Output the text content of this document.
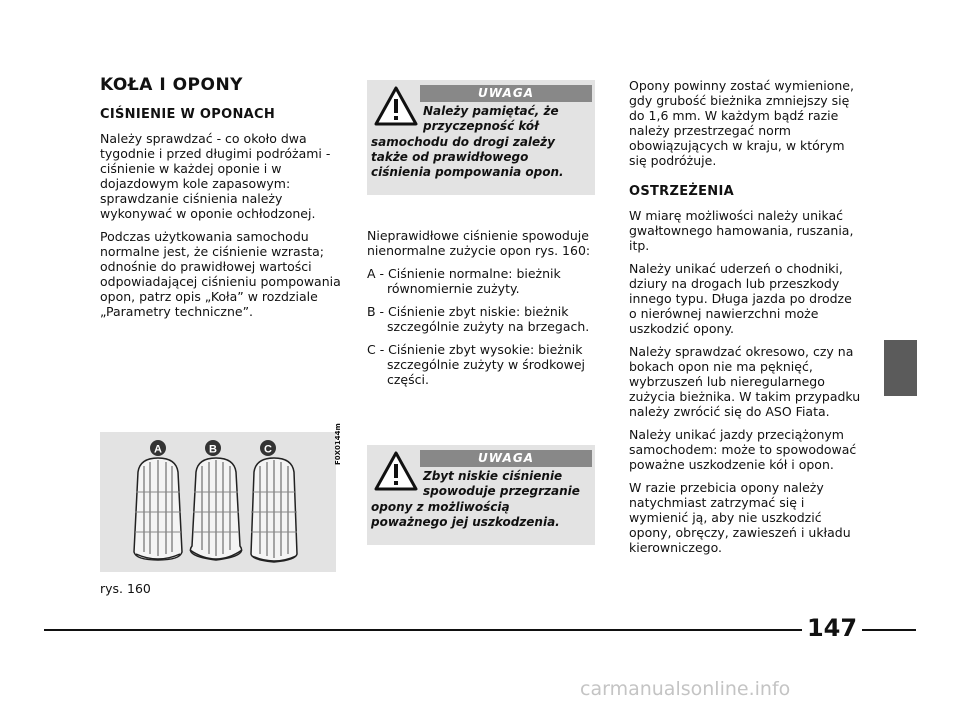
KOŁA I OPONY
CIŚNIENIE W OPONACH

Należy sprawdzać - co około dwa tygodnie i przed długimi podróżami - ciśnienie w każdej oponie i w dojazdowym kole zapasowym: sprawdzanie ciśnienia należy wykonywać w oponie ochłodzonej.

Podczas użytkowania samochodu normalne jest, że ciśnienie wzrasta; odnośnie do prawidłowej wartości odpowiadającej ciśnieniu pompowania opon, patrz opis „Koła” w rozdziale „Parametry techniczne”.

UWAGA
Należy pamiętać, że przyczepność kół
samochodu do drogi zależy także od prawidłowego ciśnienia pompowania opon.

Nieprawidłowe ciśnienie spowoduje nienormalne zużycie opon rys. 160:

A - Ciśnienie normalne: bieżnik równomiernie zużyty.

B - Ciśnienie zbyt niskie: bieżnik szczególnie zużyty na brzegach.

C - Ciśnienie zbyt wysokie: bieżnik szczególnie zużyty w środkowej części.

UWAGA
Zbyt niskie ciśnienie spowoduje przegrzanie
opony z możliwością poważnego jej uszkodzenia.
A	B	C	F0X0144m
rys. 160

Opony powinny zostać wymienione, gdy grubość bieżnika zmniejszy się do 1,6 mm. W każdym bądź razie należy przestrzegać norm obowiązujących w kraju, w którym się podróżuje.

OSTRZEŻENIA

W miarę możliwości należy unikać gwałtownego hamowania, ruszania, itp.

Należy unikać uderzeń o chodniki, dziury na drogach lub przeszkody innego typu. Długa jazda po drodze o nierównej nawierzchni może uszkodzić opony.

Należy sprawdzać okresowo, czy na bokach opon nie ma pęknięć, wybrzuszeń lub nieregularnego zużycia bieżnika. W takim przypadku należy zwrócić się do ASO Fiata.

Należy unikać jazdy przeciążonym samochodem: może to spowodować poważne uszkodzenie kół i opon.

W razie przebicia opony należy natychmiast zatrzymać się i wymienić ją, aby nie uszkodzić opony, obręczy, zawieszeń i układu kierowniczego.

147
carmanualsonline.info
